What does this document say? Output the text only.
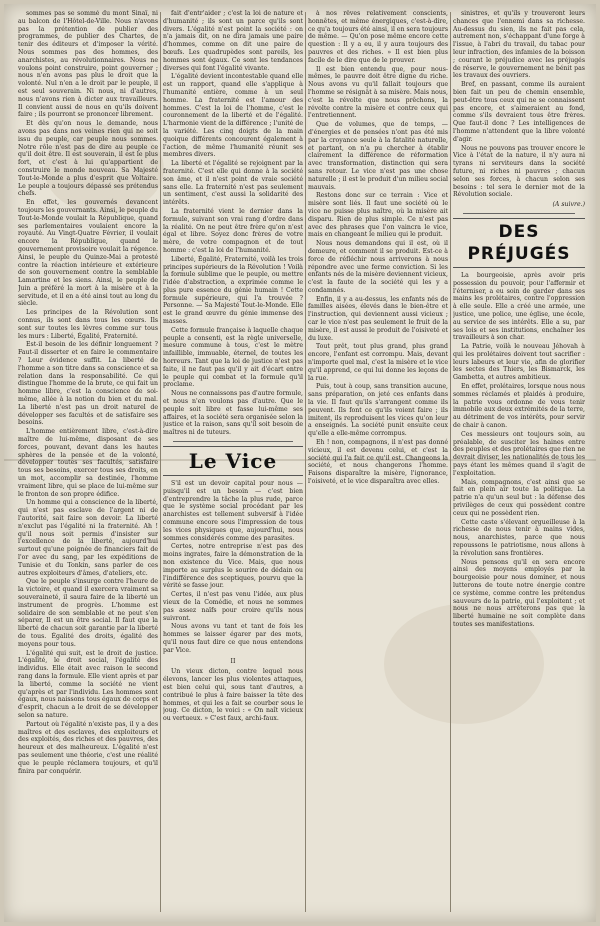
sommes pas se sommé du mont Sinaï, ni au balcon de l'Hôtel-de-Ville. Nous n'avons pas la prétention de publier des programmes, de publier des Chartes, de tenir des éditeurs et d'imposer la vérité. Nous sommes pas des hommes, des anarchistes, au révolutionnaires. Nous ne voulons point construire, point gouverner ; nous n'en avons pas plus le droit que la volonté. Nul n'en a le droit par le peuple, il est seul souverain. Ni nous, ni d'autres, nous n'avons rien à dicter aux travailleurs. Il convient aussi de nous en qu'ils doivent faire ; ils pourront se prononcer librement.

Et dès qu'on nous le demande, nous avons pas dans nos veines rien qui ne soit issu du peuple, car peuple nous sommes. Notre rôle n'est pas de dire au peuple ce qu'il doit être. Il est souverain, il est le plus fort, et c'est à lui qu'appartient de construire le monde nouveau. Sa Majesté Tout-le-Monde a plus d'esprit que Voltaire. Le peuple a toujours dépassé ses prétendus chefs.

En effet, les gouvernés devancent toujours les gouvernants. Ainsi, le peuple du Tout-le-Monde voulait la République, quand ses parlementaires voulaient encore la royauté. Au Vingt-Quatre Février, il voulait encore la République, quand le gouvernement provisoire voulait la régence. Ainsi, le peuple du Quinze-Mai a protesté contre la réaction intérieure et extérieure de son gouvernement contre la semblable Lamartine et les siens. Ainsi, le peuple de Juin a préféré la mort à la misère et à la servitude, et il en a été ainsi tout au long du siècle.

Les principes de la Révolution sont connus, ils sont dans tous les cœurs. Ils sont sur toutes les lèvres comme sur tous les murs : Liberté, Égalité, Fraternité.

Est-il besoin de les définir longuement ? Faut-il disserter et en faire le commentaire ? Leur évidence suffit. La liberté de l'homme a son titre dans sa conscience et sa relation dans la responsabilité. Ce qui distingue l'homme de la brute, ce qui fait un homme libre, c'est la conscience de soi-même, allée à la notion du bien et du mal. La liberté n'est pas un droit naturel de développer ses facultés et de satisfaire ses besoins.

L'homme entièrement libre, c'est-à-dire maître de lui-même, disposant de ses forces, pouvant, devant dans les hautes sphères de la pensée et de la volonté, développer toutes ses facultés, satisfaire tous ses besoins, exercer tous ses droits, en un mot, accomplir sa destinée, l'homme vraiment libre, qui se place de lui-même sur le fronton de son propre édifice.

Un homme qui a conscience de la liberté, qui n'est pas esclave de l'argent ni de l'autorité, sait faire son devoir. La liberté n'exclut pas l'égalité ni la fraternité. Ah ! qu'il nous soit permis d'insister sur l'excellence de la liberté, aujourd'hui surtout qu'une poignée de financiers fait de l'or avec du sang, par les expéditions de Tunisie et du Tonkin, sans parler de ces autres exploiteurs d'âmes, d'ateliers, etc.

Que le peuple s'insurge contre l'heure de la victoire, et quand il exercera vraiment sa souveraineté, il saura faire de la liberté un instrument de progrès. L'homme est solidaire de son semblable et ne peut s'en séparer, Il est un être social. Il faut que la liberté de chacun soit garantie par la liberté de tous. Égalité des droits, égalité des moyens pour tous.

L'égalité qui suit, est le droit de justice. L'égalité, le droit social, l'égalité des individus. Elle était avec raison le second rang dans la formule. Elle vient après et par la liberté, comme la société ne vient qu'après et par l'individu. Les hommes sont égaux, nous naissons tous égaux de corps et d'esprit, chacun a le droit de se développer selon sa nature.

Partout où l'égalité n'existe pas, il y a des maîtres et des esclaves, des exploiteurs et des exploités, des riches et des pauvres, des heureux et des malheureux. L'égalité n'est pas seulement une théorie, c'est une réalité que le peuple réclamera toujours, et qu'il finira par conquérir.

fait d'entr'aider ; c'est la loi de nature et d'humanité ; ils sont un parce qu'ils sont divers. L'égalité n'est point la société : on n'a jamais dit, on ne dira jamais une paire d'hommes, comme on dit une paire de bœufs. Les quadrupèdes sont pareils, les hommes sont égaux. Ce sont les tendances diverses qui font l'égalité vivante.

L'égalité devient incontestable quand elle est un rapport, quand elle s'applique à l'humanité entière, comme à un seul homme. La fraternité est l'amour des hommes. C'est la loi de l'homme, c'est le couronnement de la liberté et de l'égalité. L'harmonie vient de la différence ; l'unité de la variété. Les cinq doigts de la main quoique différents concourent également à l'action, de même l'humanité réunit ses membres divers.

La liberté et l'égalité se rejoignent par la fraternité. C'est elle qui donne à la société son âme, et il n'est point de vraie société sans elle. La fraternité n'est pas seulement un sentiment, c'est aussi la solidarité des intérêts.

La fraternité vient le dernier dans la formule, suivant son vrai rang d'ordre dans la réalité. On ne peut être frère qu'on n'est égal et libre. Soyez donc frères de votre mère, de votre compagnon et de tout homme : c'est la loi de l'humanité.

Liberté, Égalité, Fraternité, voilà les trois principes supérieurs de la Révolution ! Voilà la formule sublime que le peuple, ou mettre l'idée d'abstraction, a exprimée comme le plus pure essence du génie humain ! Cette formule supérieure, qui l'a trouvée ? Personne. — Sa Majesté Tout-le-Monde. Elle est le grand œuvre du génie immense des masses.

Cette formule française à laquelle chaque peuple a consenti, est la règle universelle, mesure commune à tous, c'est le mètre infaillible, immuable, éternel, de toutes les horreurs. Tant que la loi de justice n'est pas faite, il ne faut pas qu'il y ait d'écart entre le peuple qui combat et la formule qu'il proclame.

Nous ne connaissons pas d'autre formule, et nous n'en voulons pas d'autre. Que le peuple soit libre et fasse lui-même ses affaires, et la société sera organisée selon la justice et la raison, sans qu'il soit besoin de maîtres ni de tuteurs.

Le Vice

S'il est un devoir capital pour nous — puisqu'il est un besoin — c'est bien d'entreprendre la tâche la plus rude, parce que le système social procédant par les anarchistes est tellement subversif à l'idée commune encore sous l'impression de tous les vices physiques que, aujourd'hui, nous sommes considérés comme des parasites.

Certes, notre entreprise n'est pas des moins ingrates, faire la démonstration de la non existence du Vice. Mais, que nous importe au surplus le sourire de dédain ou l'indifférence des sceptiques, pourvu que la vérité se fasse jour.

Certes, il n'est pas venu l'idée, aux plus vieux de la Comédie, et nous ne sommes pas assez naïfs pour croire qu'ils nous suivront.

Nous avons vu tant et tant de fois les hommes se laisser égarer par des mots, qu'il nous faut dire ce que nous entendons par Vice.

II

Un vieux dicton, contre lequel nous élevons, lancer les plus violentes attaques, est bien celui qui, sous tant d'autres, a contribué le plus à faire baisser la tête des hommes, et qui les a fait se courber sous le joug. Ce dicton, le voici : « On naît vicieux ou vertueux. » C'est faux, archi-faux.

à nos rêves relativement conscients, honnêtes, et même énergiques, c'est-à-dire, ce qu'a toujours été ainsi, il en sera toujours de même. — Qu'on pose même encore cette question : Il y a eu, il y aura toujours des pauvres et des riches. » Il est bien plus facile de le dire que de le prouver.

Il est bien entendu que, pour nous-mêmes, le pauvre doit être digne du riche. Nous avons vu qu'il fallait toujours que l'homme se résignât à sa misère. Mais nous, c'est la révolte que nous prêchons, la révolte contre la misère et contre ceux qui l'entretiennent.

Que de volumes, que de temps, — d'énergies et de pensées n'ont pas été mis par la croyance seule à la fatalité naturelle, et partant, on n'a pu chercher à établir clairement la différence de réformation avec transformation, distinction qui sera sans retour. Le vice n'est pas une chose naturelle ; il est le produit d'un milieu social mauvais.

Restons donc sur ce terrain : Vice et misère sont liés. Il faut une société où le vice ne puisse plus naître, où la misère ait disparu. Rien de plus simple. Ce n'est pas avec des phrases que l'on vaincra le vice, mais en changeant le milieu qui le produit.

Nous nous demandons qui il est, où il demeure, et comment il se produit. Est-ce à force de réfléchir nous arriverons à nous répondre avec une ferme conviction. Si les enfants nés de la misère deviennent vicieux, c'est la faute de la société qui les y a condamnés.

Enfin, il y a au-dessus, les enfants nés de familles aisées, élevés dans le bien-être et l'instruction, qui deviennent aussi vicieux ; car le vice n'est pas seulement le fruit de la misère, il est aussi le produit de l'oisiveté et du luxe.

Tout prêt, tout plus grand, plus grand encore, l'enfant est corrompu. Mais, devant n'importe quel mal, c'est la misère et le vice qu'il apprend, ce qui lui donne les leçons de la rue.

Puis, tout à coup, sans transition aucune, sans préparation, on jeté ces enfants dans la vie. Il faut qu'ils s'arrangent comme ils peuvent. Ils font ce qu'ils voient faire ; ils imitent, ils reproduisent les vices qu'on leur a enseignés. La société punit ensuite ceux qu'elle a elle-même corrompus.

Eh ! non, compagnons, il n'est pas donné vicieux, il est devenu celui, et c'est la société qui l'a fait ce qu'il est. Changeons la société, et nous changerons l'homme. Faisons disparaître la misère, l'ignorance, l'oisiveté, et le vice disparaîtra avec elles.

sinistres, et qu'ils y trouveront leurs chances que l'ennemi dans sa richesse. Au-dessus du sien, ils ne fait pas cela, autrement non, s'échappant d'une forge à l'issue, à l'abri du travail, du tabac pour leur infraction, des infamies de la boisson ; courant le préjudice avec les préjugés de réserve, le gouvernement ne bénit pas les travaux des ouvriers.

Bref, en passant, comme ils auraient bien fait un peu de chemin ensemble, peut-être tous ceux qui ne se connaissent pas encore, et s'aimeraient au fond, comme s'ils devraient tous être frères. Que faut-il donc ? Les intelligences de l'homme n'attendent que la libre volonté d'agir.

Nous ne pouvons pas trouver encore le Vice à l'état de la nature, il n'y aura ni tyrans ni serviteurs dans la société future, ni riches ni pauvres ; chacun selon ses forces, à chacun selon ses besoins : tel sera le dernier mot de la Révolution sociale.

(A suivre.)
DES PRÉJUGÉS

La bourgeoisie, après avoir pris possession du pouvoir, pour l'affermir et l'éterniser, a eu soin de garder dans ses mains les prolétaires, contre l'oppression à elle seule. Elle a créé une armée, une justice, une police, une église, une école, au service de ses intérêts. Elle a su, par ses lois et ses institutions, enchaîner les travailleurs à son char.

La Patrie, voilà le nouveau Jéhovah à qui les prolétaires doivent tout sacrifier : leurs labeurs et leur vie, afin de glorifier les sectes des Thiers, les Bismarck, les Gambetta, et autres ambitieux.

En effet, prolétaires, lorsque nous nous sommes réclamés et plaidés à produire, la patrie vous ordonne de vous tenir immobile aux deux extrémités de la terre, au détriment de vos intérêts, pour servir de chair à canon.

Ces messieurs ont toujours soin, au préalable, de susciter les haines entre des peuples et des prolétaires que rien ne devrait diviser, les nationalités de tous les pays étant les mêmes quand il s'agit de l'exploitation.

Mais, compagnons, c'est ainsi que se fait en plein air toute la politique. La patrie n'a qu'un seul but : la défense des privilèges de ceux qui possèdent contre ceux qui ne possèdent rien.

Cette caste s'élevant orgueilleuse à la richesse de nous tenir à mains vides, nous, anarchistes, parce que nous repoussons le patriotisme, nous allons à la révolution sans frontières.

Nous pensons qu'il en sera encore ainsi des moyens employés par la bourgeoisie pour nous dominer, et nous lutterons de toute notre énergie contre ce système, comme contre les prétendus sauveurs de la patrie, qui l'exploitent ; et nous ne nous arrêterons pas que la liberté humaine ne soit complète dans toutes ses manifestations.
